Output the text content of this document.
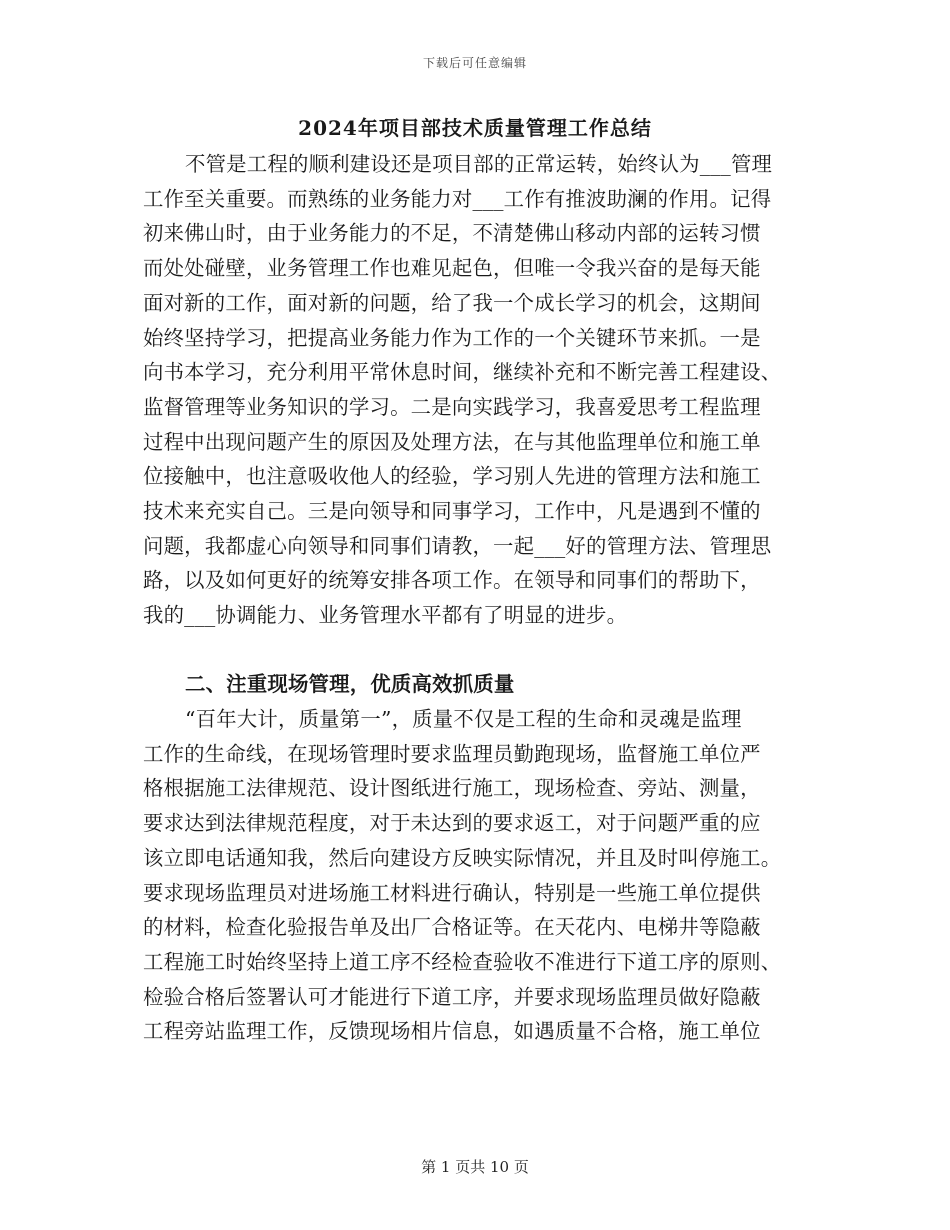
下载后可任意编辑
2024年项目部技术质量管理工作总结
不管是工程的顺利建设还是项目部的正常运转，始终认为___管理
工作至关重要。而熟练的业务能力对___工作有推波助澜的作用。记得
初来佛山时，由于业务能力的不足，不清楚佛山移动内部的运转习惯
而处处碰壁，业务管理工作也难见起色，但唯一令我兴奋的是每天能
面对新的工作，面对新的问题，给了我一个成长学习的机会，这期间
始终坚持学习，把提高业务能力作为工作的一个关键环节来抓。一是
向书本学习，充分利用平常休息时间，继续补充和不断完善工程建设、
监督管理等业务知识的学习。二是向实践学习，我喜爱思考工程监理
过程中出现问题产生的原因及处理方法，在与其他监理单位和施工单
位接触中，也注意吸收他人的经验，学习别人先进的管理方法和施工
技术来充实自己。三是向领导和同事学习，工作中，凡是遇到不懂的
问题，我都虚心向领导和同事们请教，一起___好的管理方法、管理思
路，以及如何更好的统筹安排各项工作。在领导和同事们的帮助下，
我的___协调能力、业务管理水平都有了明显的进步。
二、注重现场管理，优质高效抓质量
“百年大计，质量第一”，质量不仅是工程的生命和灵魂是监理
工作的生命线，在现场管理时要求监理员勤跑现场，监督施工单位严
格根据施工法律规范、设计图纸进行施工，现场检查、旁站、测量，
要求达到法律规范程度，对于未达到的要求返工，对于问题严重的应
该立即电话通知我，然后向建设方反映实际情况，并且及时叫停施工。
要求现场监理员对进场施工材料进行确认，特别是一些施工单位提供
的材料，检查化验报告单及出厂合格证等。在天花内、电梯井等隐蔽
工程施工时始终坚持上道工序不经检查验收不准进行下道工序的原则、
检验合格后签署认可才能进行下道工序，并要求现场监理员做好隐蔽
工程旁站监理工作，反馈现场相片信息，如遇质量不合格，施工单位
第 1 页共 10 页
